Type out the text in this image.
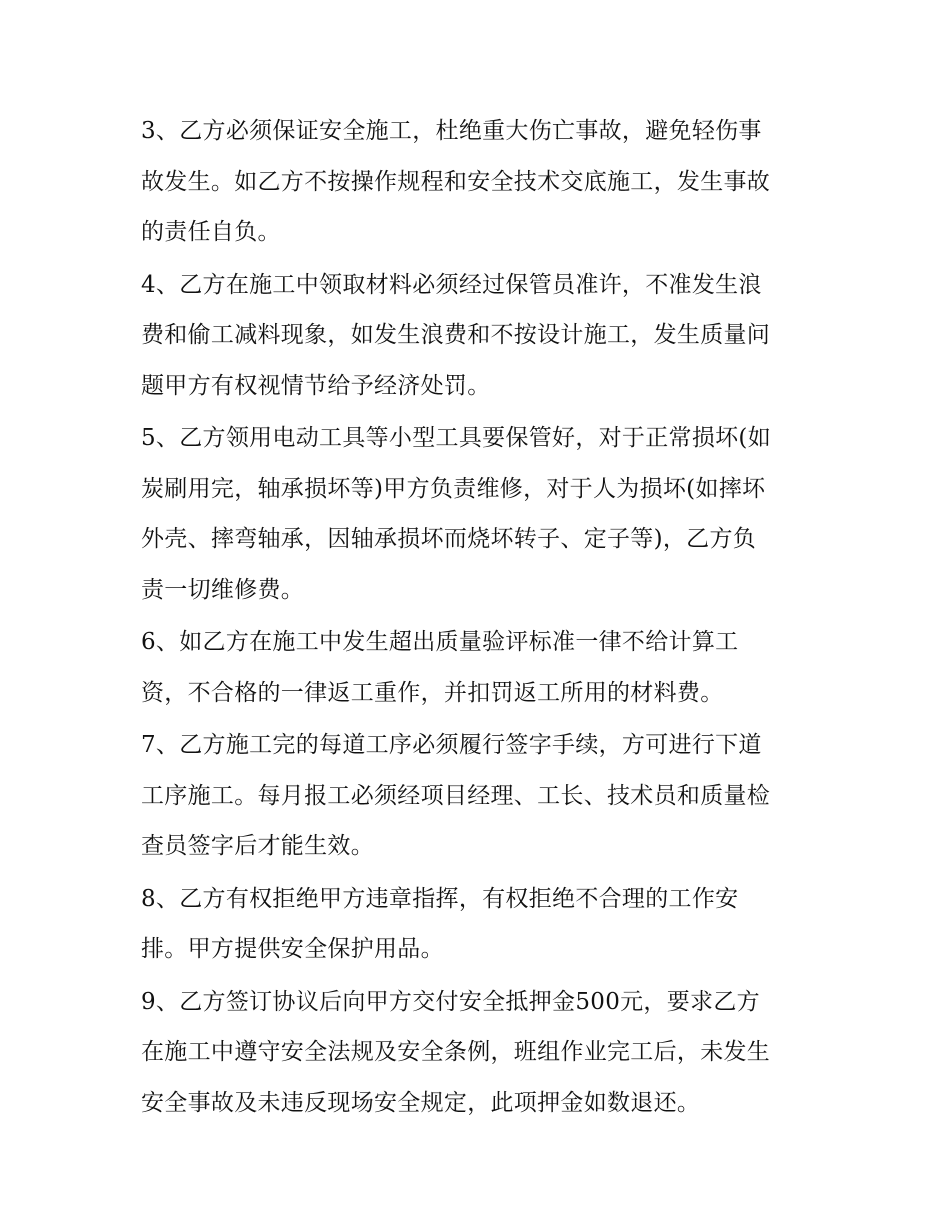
3、乙方必须保证安全施工，杜绝重大伤亡事故，避免轻伤事
故发生。如乙方不按操作规程和安全技术交底施工，发生事故
的责任自负。
4、乙方在施工中领取材料必须经过保管员准许，不准发生浪
费和偷工减料现象，如发生浪费和不按设计施工，发生质量问
题甲方有权视情节给予经济处罚。
5、乙方领用电动工具等小型工具要保管好，对于正常损坏(如
炭刷用完，轴承损坏等)甲方负责维修，对于人为损坏(如摔坏
外壳、摔弯轴承，因轴承损坏而烧坏转子、定子等)，乙方负
责一切维修费。
6、如乙方在施工中发生超出质量验评标准一律不给计算工
资，不合格的一律返工重作，并扣罚返工所用的材料费。
7、乙方施工完的每道工序必须履行签字手续，方可进行下道
工序施工。每月报工必须经项目经理、工长、技术员和质量检
查员签字后才能生效。
8、乙方有权拒绝甲方违章指挥，有权拒绝不合理的工作安
排。甲方提供安全保护用品。
9、乙方签订协议后向甲方交付安全抵押金500元，要求乙方
在施工中遵守安全法规及安全条例，班组作业完工后，未发生
安全事故及未违反现场安全规定，此项押金如数退还。
